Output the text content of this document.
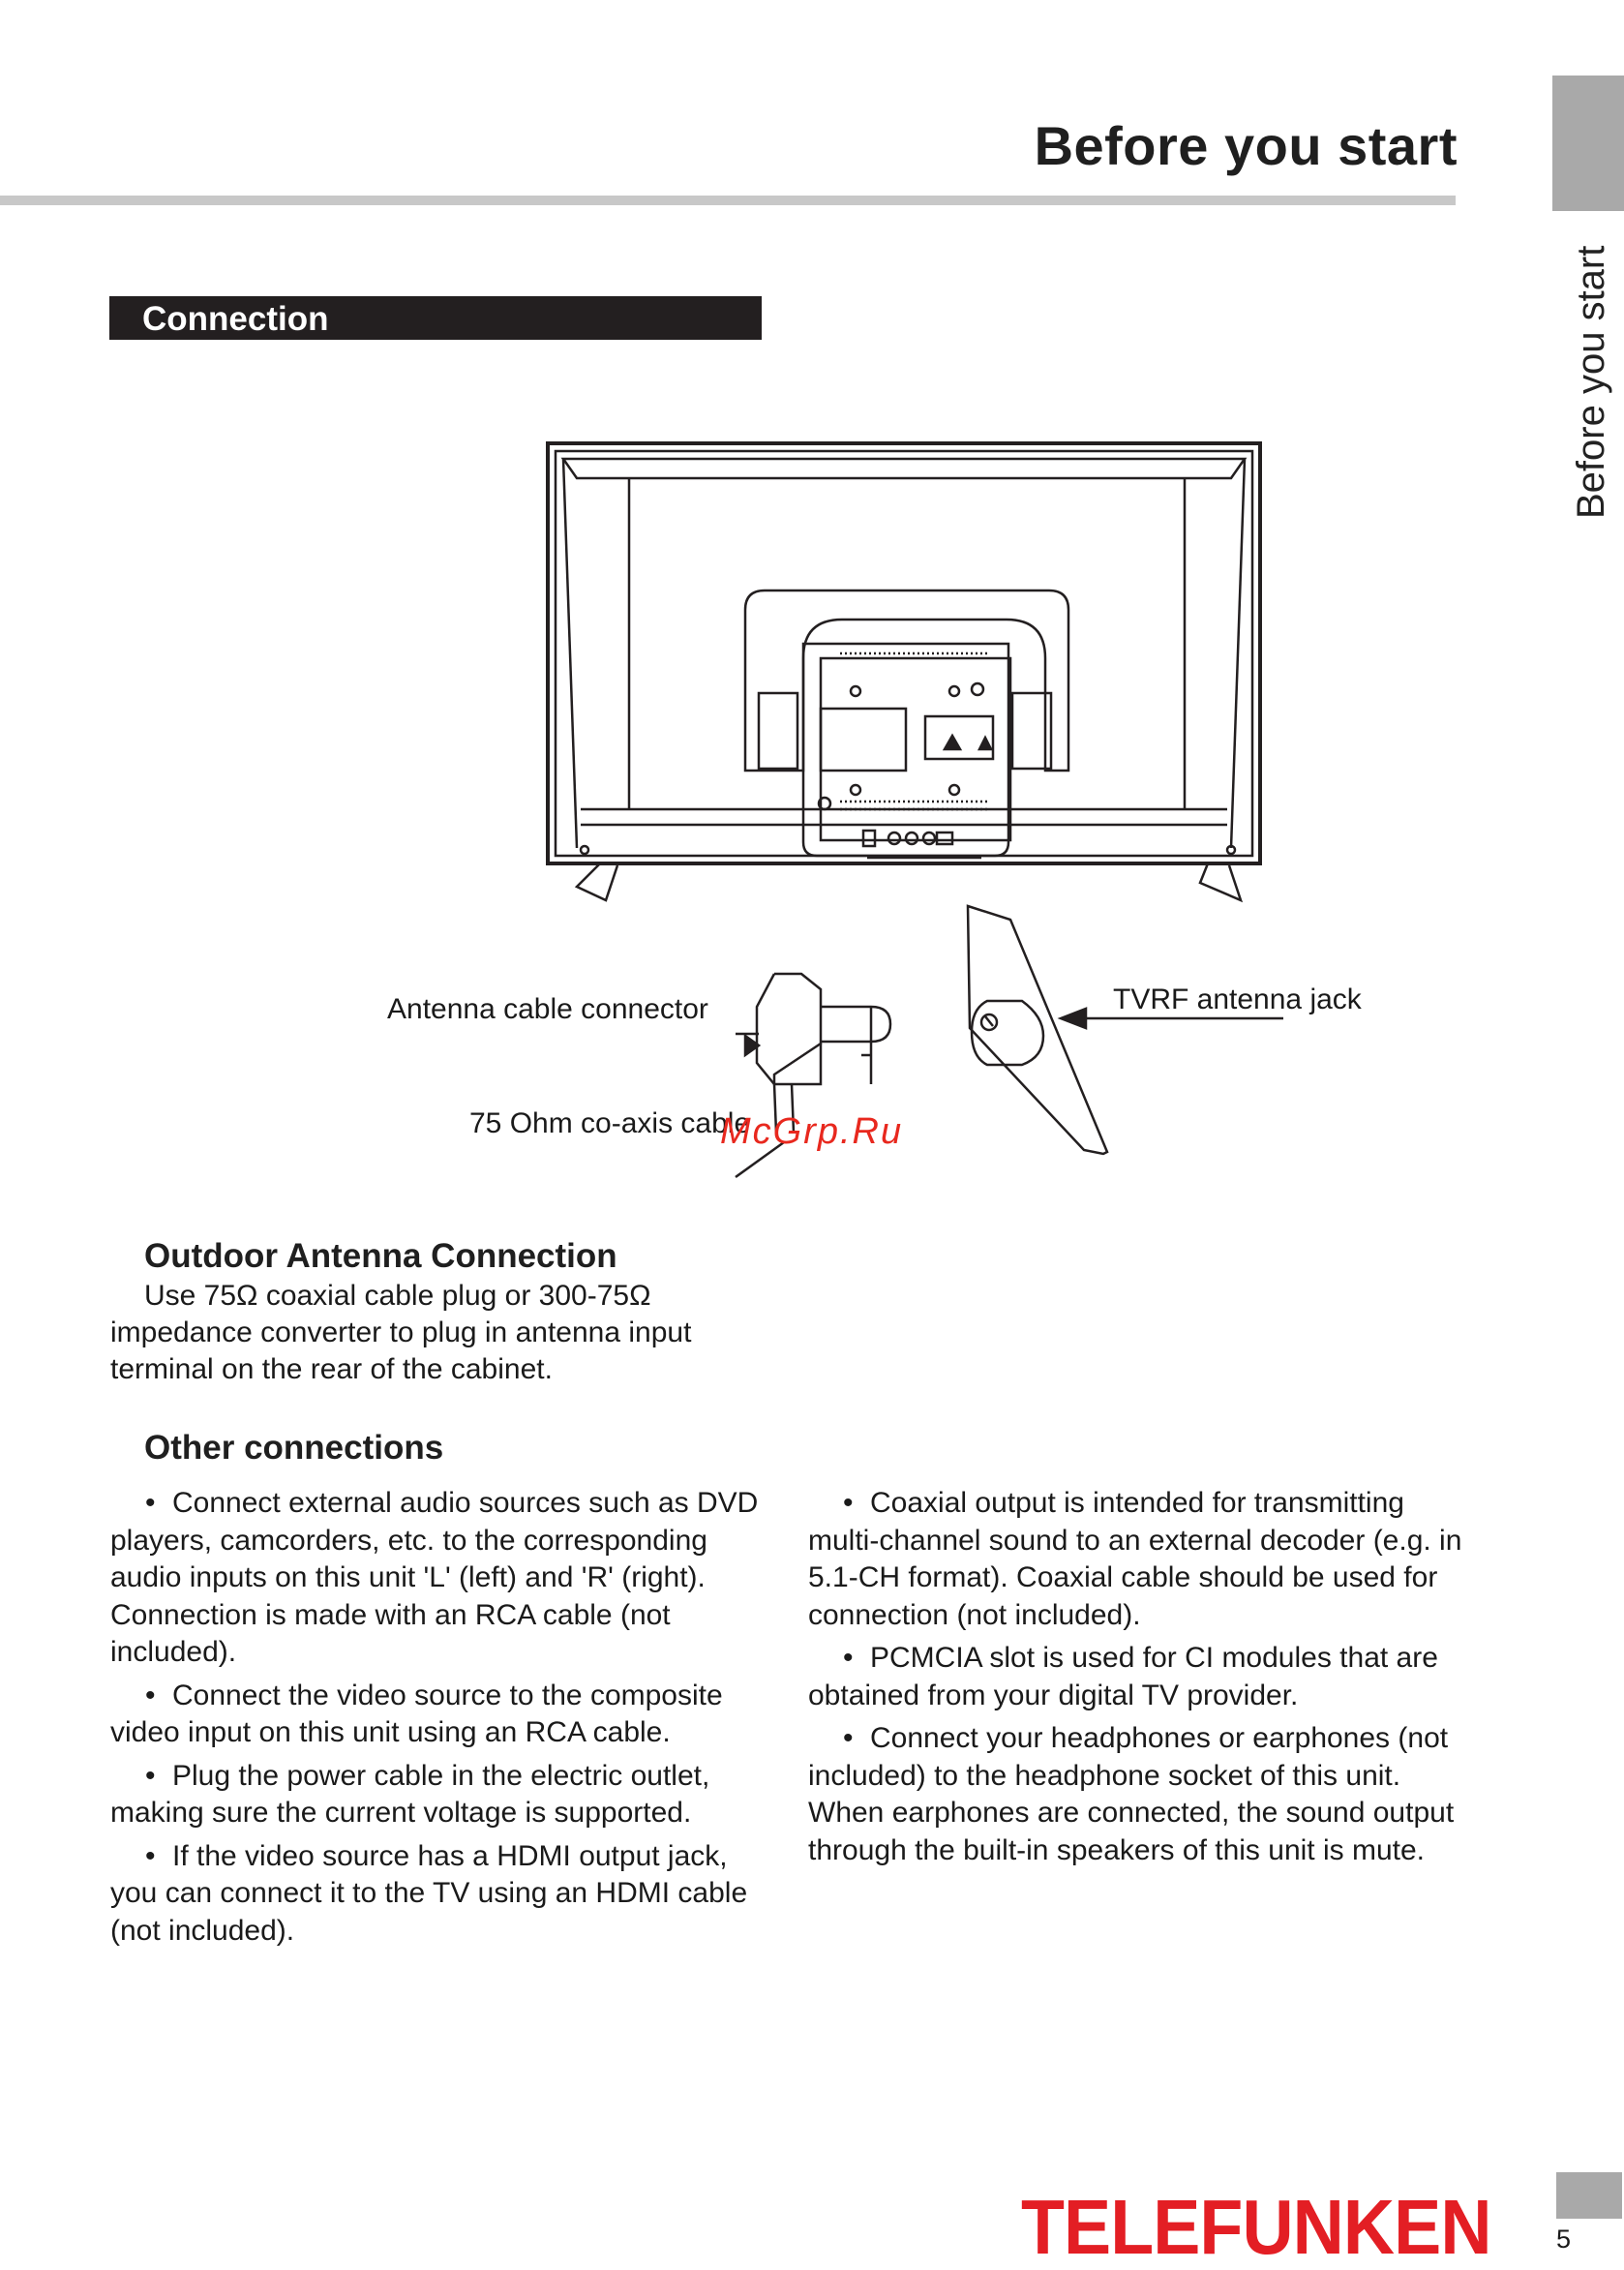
Before you start
Before you start
Connection
Antenna cable connector
75 Ohm co-axis cable
TVRF antenna jack
McGrp.Ru
Outdoor Antenna Connection
Use 75Ω coaxial cable plug or 300-75Ω
impedance converter to plug in antenna input
terminal on the rear of the cabinet.
Other connections

• Connect external audio sources such as DVD players, camcorders, etc. to the corresponding audio inputs on this unit 'L' (left) and 'R' (right). Connection is made with an RCA cable (not included).

• Connect the video source to the composite video input on this unit using an RCA cable.

• Plug the power cable in the electric outlet, making sure the current voltage is supported.

• If the video source has a HDMI output jack, you can connect it to the TV using an HDMI cable (not included).

• Coaxial output is intended for transmitting multi-channel sound to an external decoder (e.g. in 5.1-CH format). Coaxial cable should be used for connection (not included).

• PCMCIA slot is used for CI modules that are obtained from your digital TV provider.

• Connect your headphones or earphones (not included) to the headphone socket of this unit. When earphones are connected, the sound output through the built-in speakers of this unit is mute.

TELEFUNKEN 5
